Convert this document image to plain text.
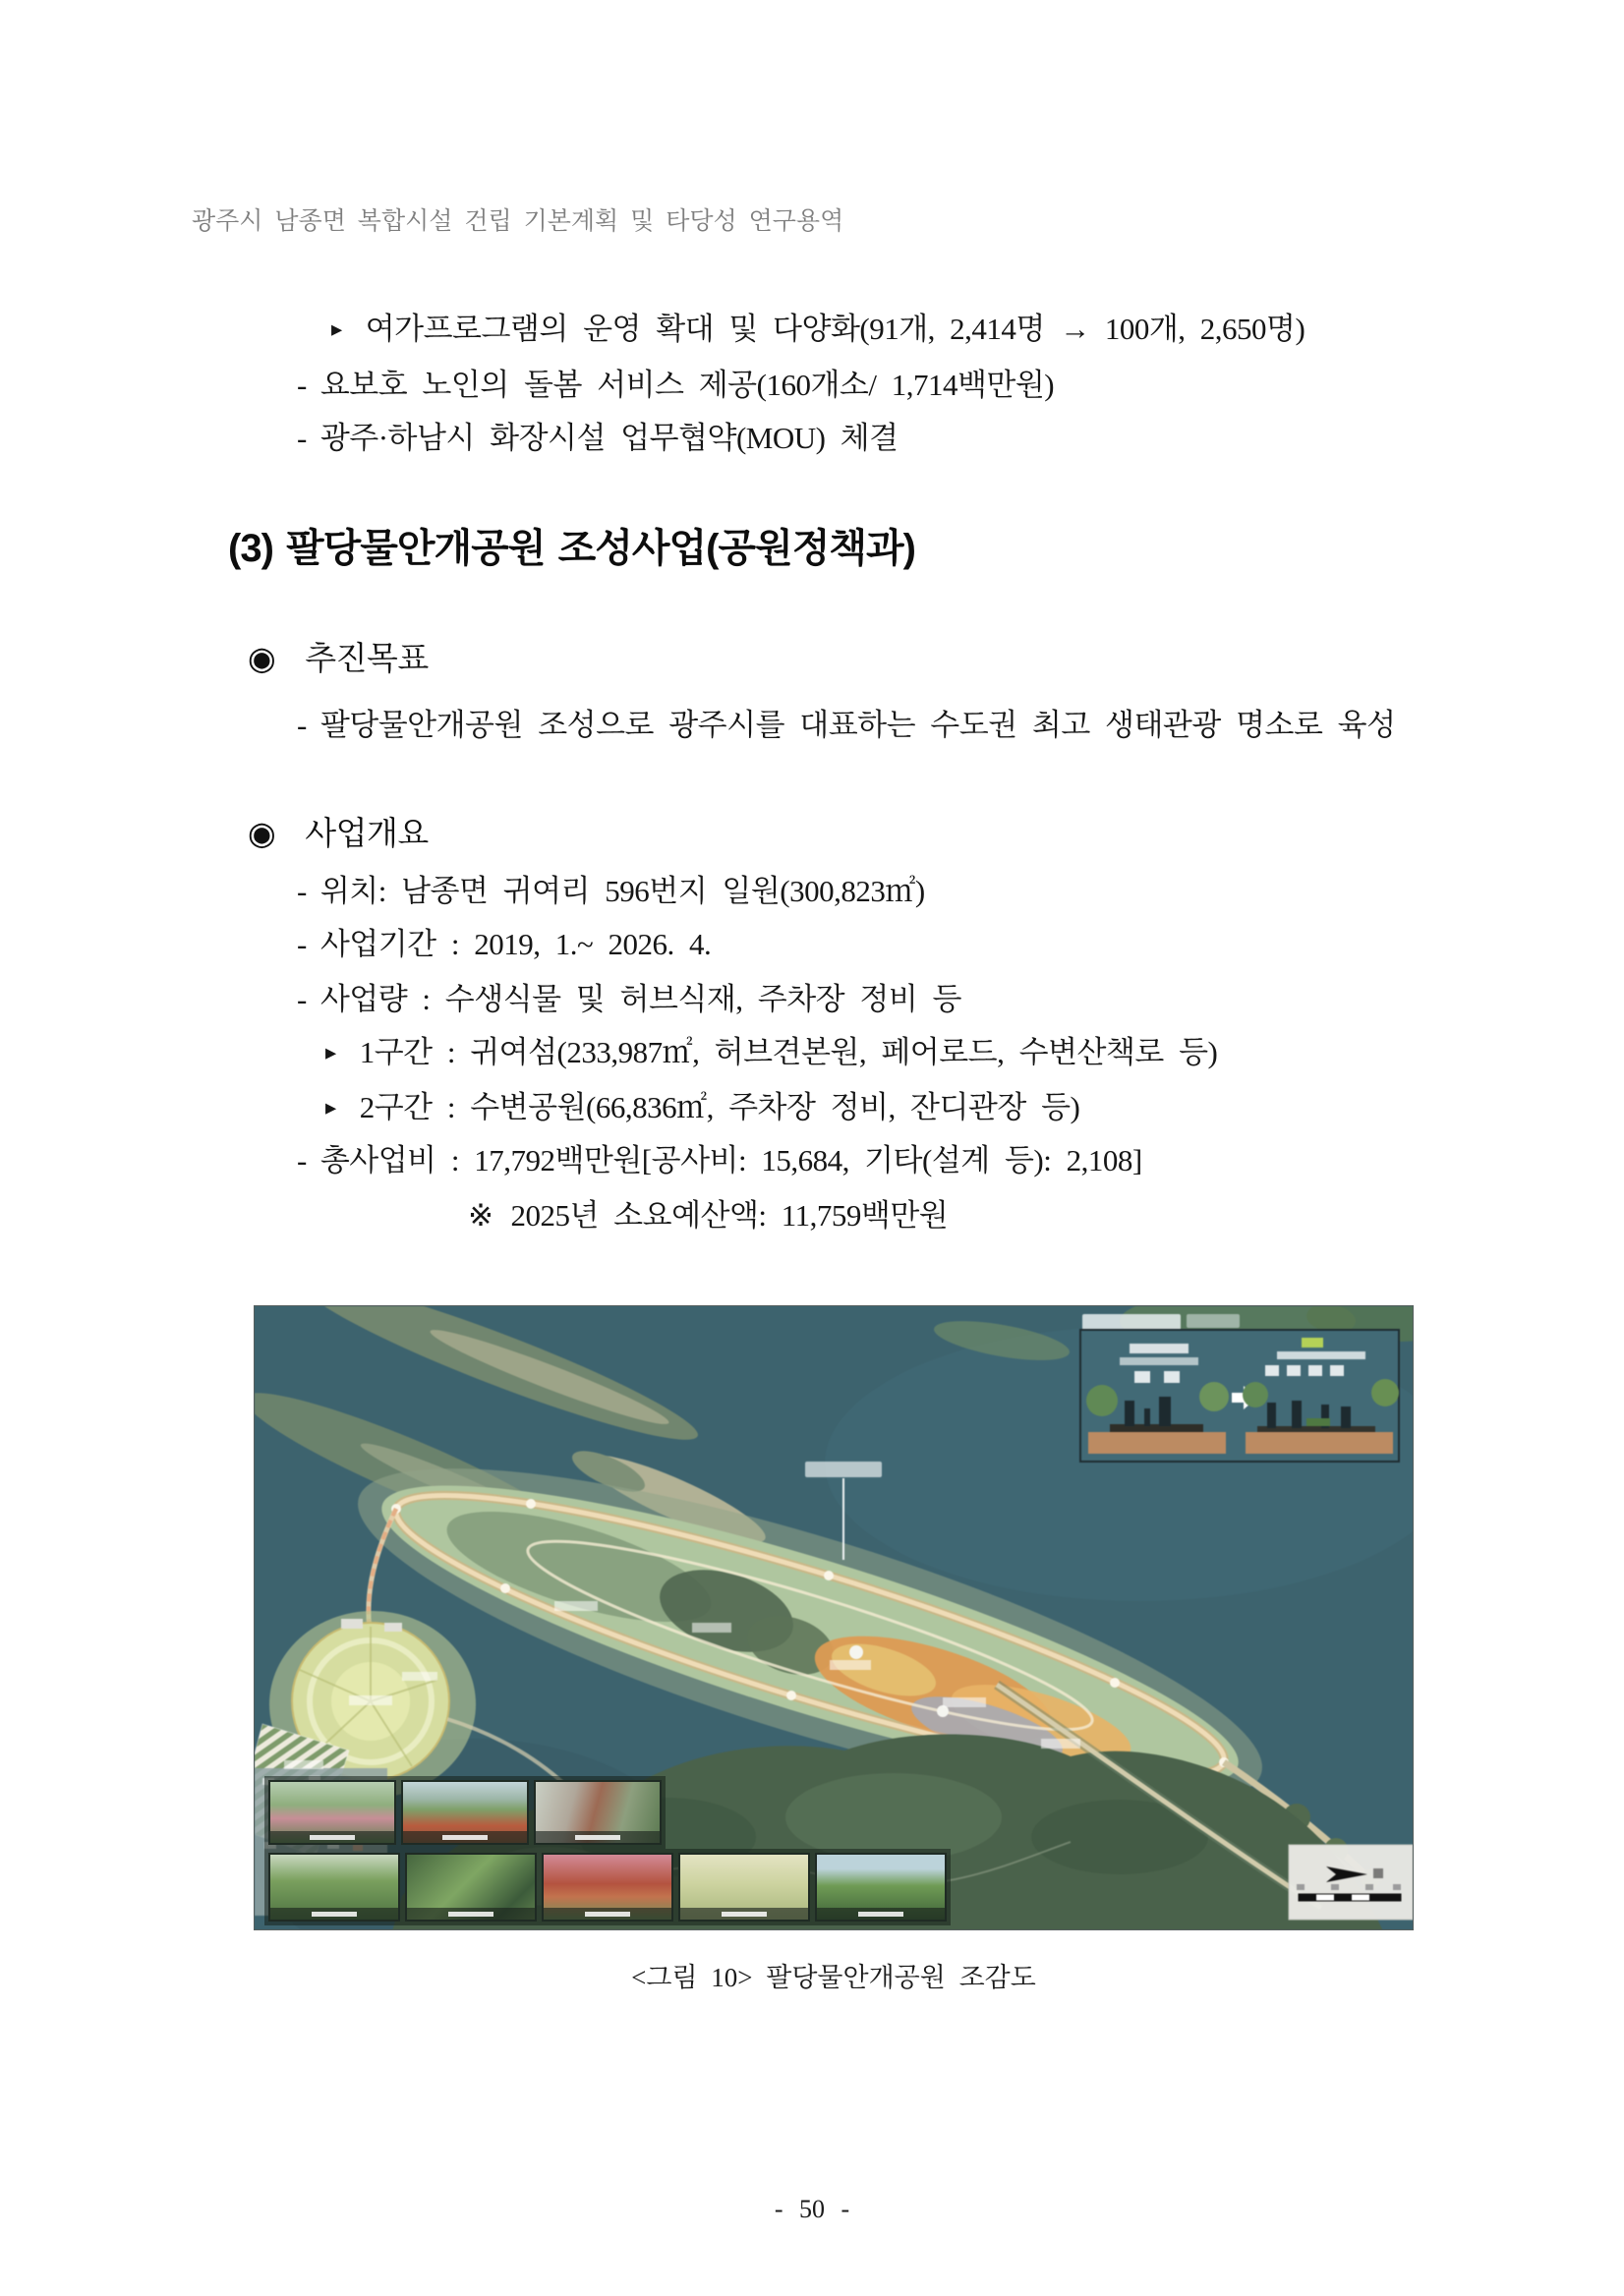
광주시 남종면 복합시설 건립 기본계획 및 타당성 연구용역
▸ 여가프로그램의 운영 확대 및 다양화(91개, 2,414명 → 100개, 2,650명)
- 요보호 노인의 돌봄 서비스 제공(160개소/ 1,714백만원)
- 광주·하남시 화장시설 업무협약(MOU) 체결
(3) 팔당물안개공원 조성사업(공원정책과)
◉ 추진목표
- 팔당물안개공원 조성으로 광주시를 대표하는 수도권 최고 생태관광 명소로 육성
◉ 사업개요
- 위치: 남종면 귀여리 596번지 일원(300,823㎡)
- 사업기간 : 2019, 1.~ 2026. 4.
- 사업량 : 수생식물 및 허브식재, 주차장 정비 등
▸ 1구간 : 귀여섬(233,987㎡, 허브견본원, 페어로드, 수변산책로 등)
▸ 2구간 : 수변공원(66,836㎡, 주차장 정비, 잔디관장 등)
- 총사업비 : 17,792백만원[공사비: 15,684, 기타(설계 등): 2,108]
※ 2025년 소요예산액: 11,759백만원
<그림 10> 팔당물안개공원 조감도
- 50 -
